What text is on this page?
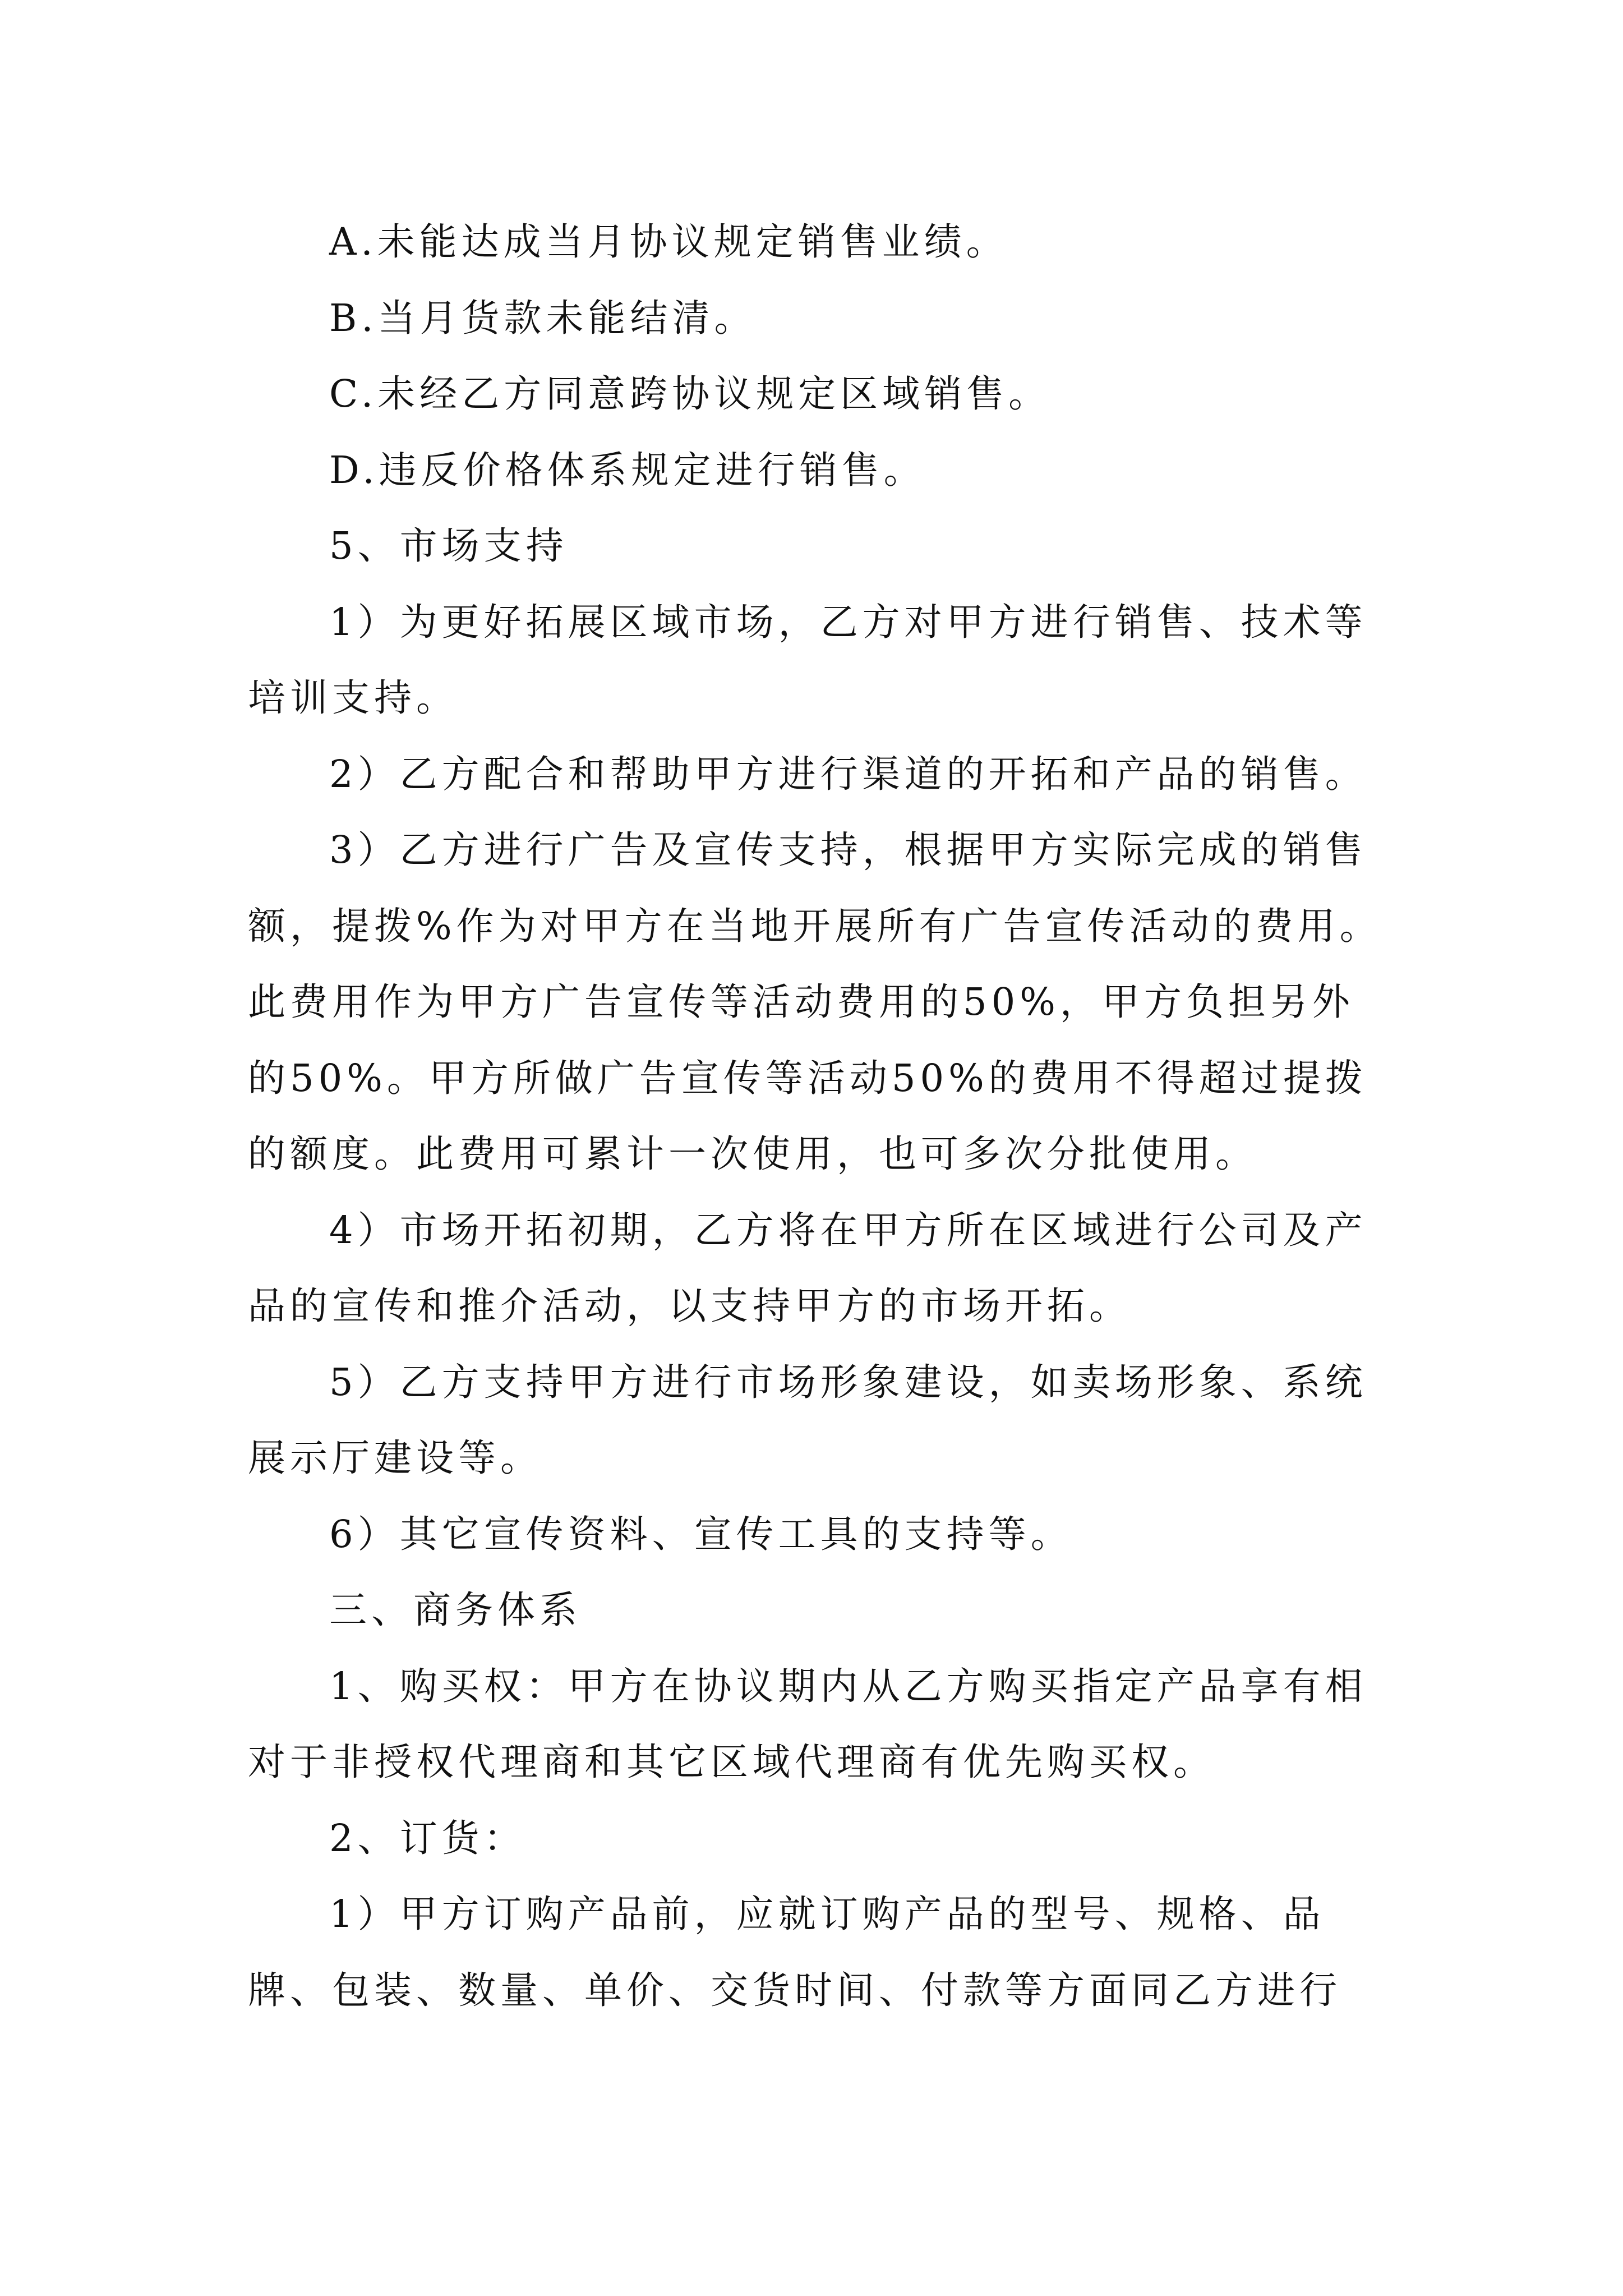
A.未能达成当月协议规定销售业绩。

B.当月货款未能结清。

C.未经乙方同意跨协议规定区域销售。

D.违反价格体系规定进行销售。

5、市场支持

1）为更好拓展区域市场，乙方对甲方进行销售、技术等培训支持。

2）乙方配合和帮助甲方进行渠道的开拓和产品的销售。

3）乙方进行广告及宣传支持，根据甲方实际完成的销售额，提拨%作为对甲方在当地开展所有广告宣传活动的费用。此费用作为甲方广告宣传等活动费用的50%，甲方负担另外的50%。甲方所做广告宣传等活动50%的费用不得超过提拨的额度。此费用可累计一次使用，也可多次分批使用。

4）市场开拓初期，乙方将在甲方所在区域进行公司及产品的宣传和推介活动，以支持甲方的市场开拓。

5）乙方支持甲方进行市场形象建设，如卖场形象、系统展示厅建设等。

6）其它宣传资料、宣传工具的支持等。

三、商务体系

1、购买权：甲方在协议期内从乙方购买指定产品享有相对于非授权代理商和其它区域代理商有优先购买权。

2、订货：

1）甲方订购产品前，应就订购产品的型号、规格、品牌、包装、数量、单价、交货时间、付款等方面同乙方进行
